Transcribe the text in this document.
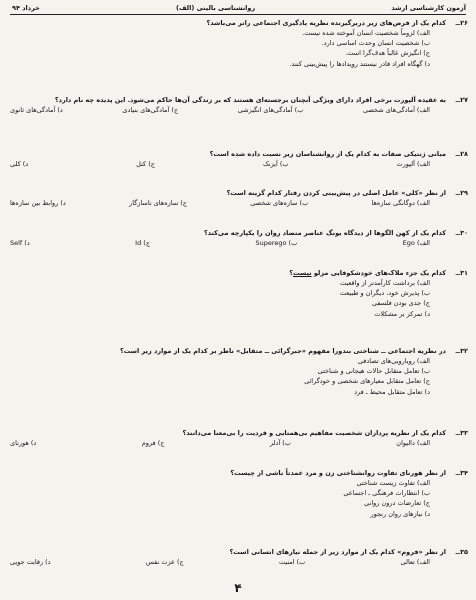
آزمون کارشناسی ارشد
روانشناسی بالینی (الف)
خرداد ۹۴
۲۶ــ
کدام یک از فرض‌های زیر دربرگیرنده نظریه یادگیری اجتماعی راتر می‌باشد؟
الف) لزوماً شخصیت انسان آموخته شده نیست.
ب) شخصیت انسان وحدت اساسی دارد.
ج) انگیزش غالباً هدف‌گرا است.
د) گهگاه افراد قادر نیستند رویدادها را پیش‌بینی کنند.
۲۷ــ
به عقیده آلپورت برخی افراد دارای ویژگی آنچنان برجسته‌ای هستند که بر زندگی آن‌ها حاکم می‌شود. این پدیده چه نام دارد؟
الف) آمادگی‌های شخصی
ب) آمادگی‌های انگیزشی
ج) آمادگی‌های بنیادی
د) آمادگی‌های ثانوی
۲۸ــ
مبانی ژنتیکی صفات به کدام یک از روانشناسان زیر نسبت داده شده است؟
الف) آلپورت
ب) آیزنک
ج) کتل
د) کلی
۲۹ــ
از نظر «کلی» عامل اصلی در پیش‌بینی کردن رفتار کدام گزینه است؟
الف) دوگانگی سازه‌ها
ب) سازه‌های شخصی
ج) سازه‌های ناسازگار
د) روابط بین سازه‌ها
۳۰ــ
کدام یک از کهن الگوها از دیدگاه یونگ عناصر متضاد روان را یکپارچه می‌کند؟
الف) Ego
ب) Superego
ج) Id
د) Self
۳۱ــ
کدام یک جزء ملاک‌های خودشکوفایی مزلو نیست؟
الف) برداشت کارآمدتر از واقعیت
ب) پذیرش خود، دیگران و طبیعت
ج) جدی بودن فلسفی
د) تمرکز بر مشکلات
۳۲ــ
در نظریه اجتماعی ــ شناختی بندورا مفهوم «جبرگرائی ــ متقابل» ناظر بر کدام یک از موارد زیر است؟
الف) رویارویی‌های تصادفی
ب) تعامل متقابل حالات هیجانی و شناختی
ج) تعامل متقابل معیارهای شخصی و خودگرائی
د) تعامل متقابل محیط ـ فرد
۳۳ــ
کدام یک از نظریه پردازان شخصیت مفاهیم بی‌همتایی و فردیت را بی‌معنا می‌دانند؟
الف) دالیوان
ب) آدلر
ج) فروم
د) هورنای
۳۴ــ
از نظر هورنای تفاوت روانشناختی زن و مرد عمدتاً ناشی از چیست؟
الف) تفاوت زیست شناختی
ب) انتظارات فرهنگی ـ اجتماعی
ج) تعارضات درون روانی
د) نیازهای روان رنجور
۳۵ــ
از نظر «فروم» کدام یک از موارد زیر از جمله نیازهای انسانی است؟
الف) تعالی
ب) امنیت
ج) عزت نفس
د) رقابت جویی
۴
